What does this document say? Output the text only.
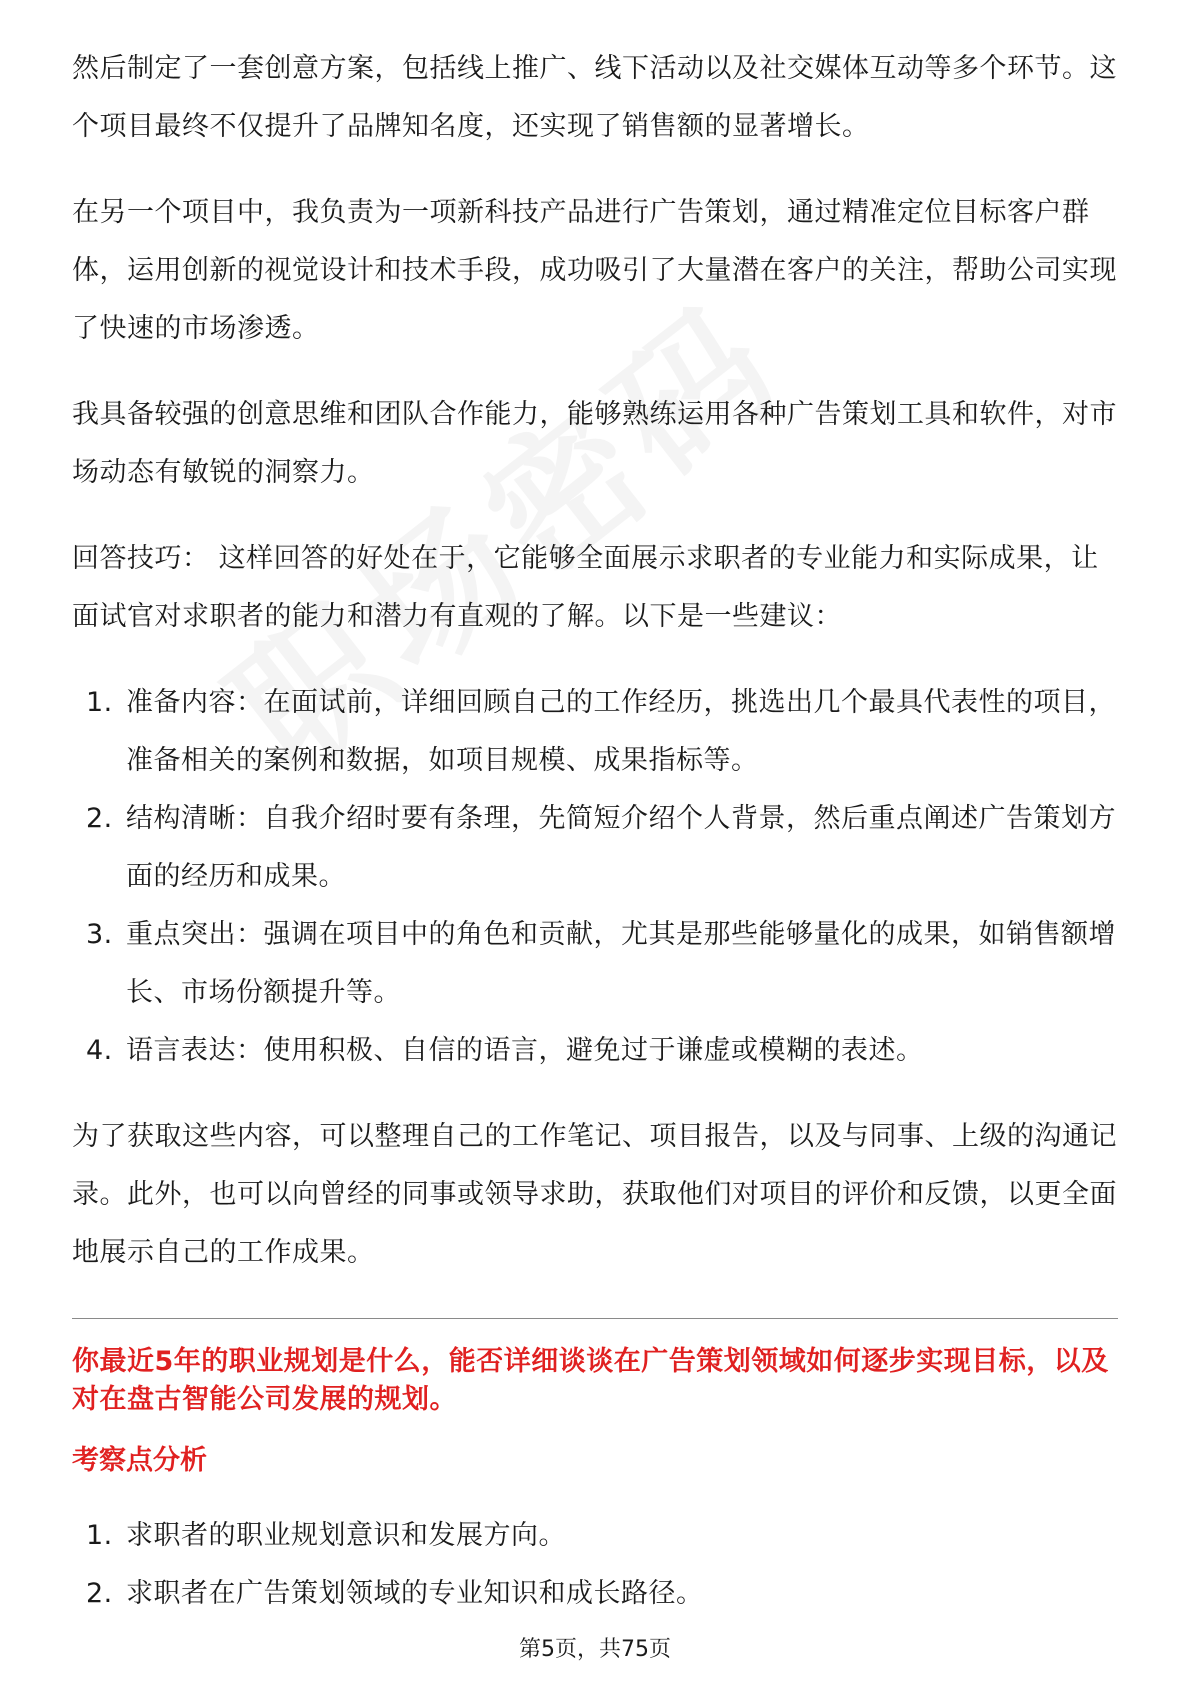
然后制定了一套创意方案，包括线上推广、线下活动以及社交媒体互动等多个环节。这个项目最终不仅提升了品牌知名度，还实现了销售额的显著增长。

在另一个项目中，我负责为一项新科技产品进行广告策划，通过精准定位目标客户群体，运用创新的视觉设计和技术手段，成功吸引了大量潜在客户的关注，帮助公司实现了快速的市场渗透。

我具备较强的创意思维和团队合作能力，能够熟练运用各种广告策划工具和软件，对市场动态有敏锐的洞察力。

回答技巧： 这样回答的好处在于，它能够全面展示求职者的专业能力和实际成果，让面试官对求职者的能力和潜力有直观的了解。以下是一些建议：

1. 准备内容：在面试前，详细回顾自己的工作经历，挑选出几个最具代表性的项目，准备相关的案例和数据，如项目规模、成果指标等。
2. 结构清晰：自我介绍时要有条理，先简短介绍个人背景，然后重点阐述广告策划方面的经历和成果。
3. 重点突出：强调在项目中的角色和贡献，尤其是那些能够量化的成果，如销售额增长、市场份额提升等。
4. 语言表达：使用积极、自信的语言，避免过于谦虚或模糊的表述。

为了获取这些内容，可以整理自己的工作笔记、项目报告，以及与同事、上级的沟通记录。此外，也可以向曾经的同事或领导求助，获取他们对项目的评价和反馈，以更全面地展示自己的工作成果。

你最近5年的职业规划是什么，能否详细谈谈在广告策划领域如何逐步实现目标，以及对在盘古智能公司发展的规划。
考察点分析
1. 求职者的职业规划意识和发展方向。
2. 求职者在广告策划领域的专业知识和成长路径。
第5页，共75页
